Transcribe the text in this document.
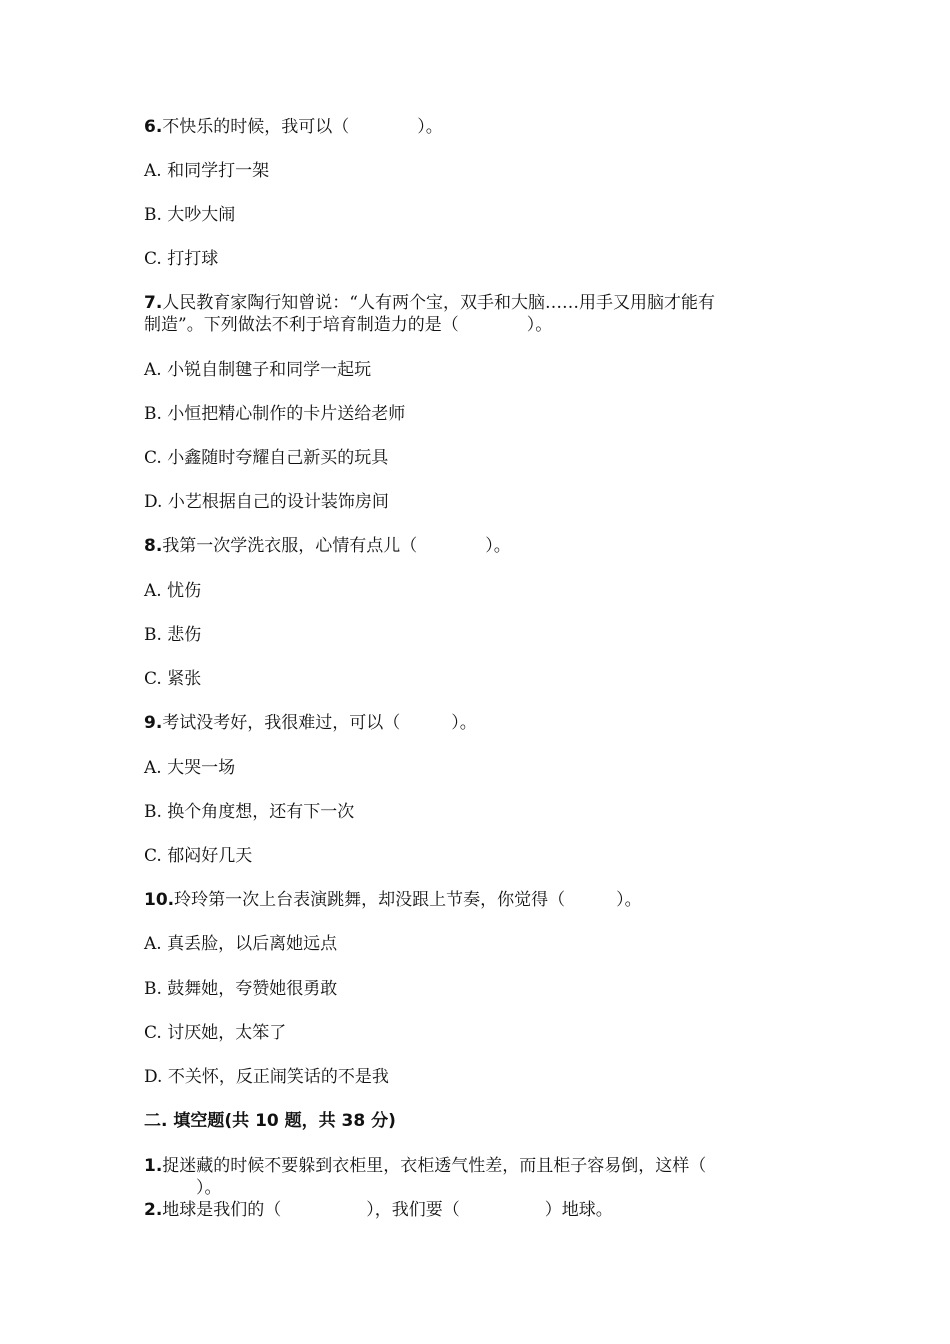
6.不快乐的时候，我可以（　　　　）。
A. 和同学打一架
B. 大吵大闹
C. 打打球
7.人民教育家陶行知曾说：“人有两个宝，双手和大脑……用手又用脑才能有
制造”。下列做法不利于培育制造力的是（　　　　）。
A. 小锐自制毽子和同学一起玩
B. 小恒把精心制作的卡片送给老师
C. 小鑫随时夸耀自己新买的玩具
D. 小艺根据自己的设计装饰房间
8.我第一次学洗衣服，心情有点儿（　　　　）。
A. 忧伤
B. 悲伤
C. 紧张
9.考试没考好，我很难过，可以（　　　）。
A. 大哭一场
B. 换个角度想，还有下一次
C. 郁闷好几天
10.玲玲第一次上台表演跳舞，却没跟上节奏，你觉得（　　　）。
A. 真丢脸，以后离她远点
B. 鼓舞她，夸赞她很勇敢
C. 讨厌她，太笨了
D. 不关怀，反正闹笑话的不是我
二. 填空题(共 10 题，共 38 分)
1.捉迷藏的时候不要躲到衣柜里，衣柜透气性差，而且柜子容易倒，这样（
）。
2.地球是我们的（　　　　　），我们要（　　　　　）地球。
